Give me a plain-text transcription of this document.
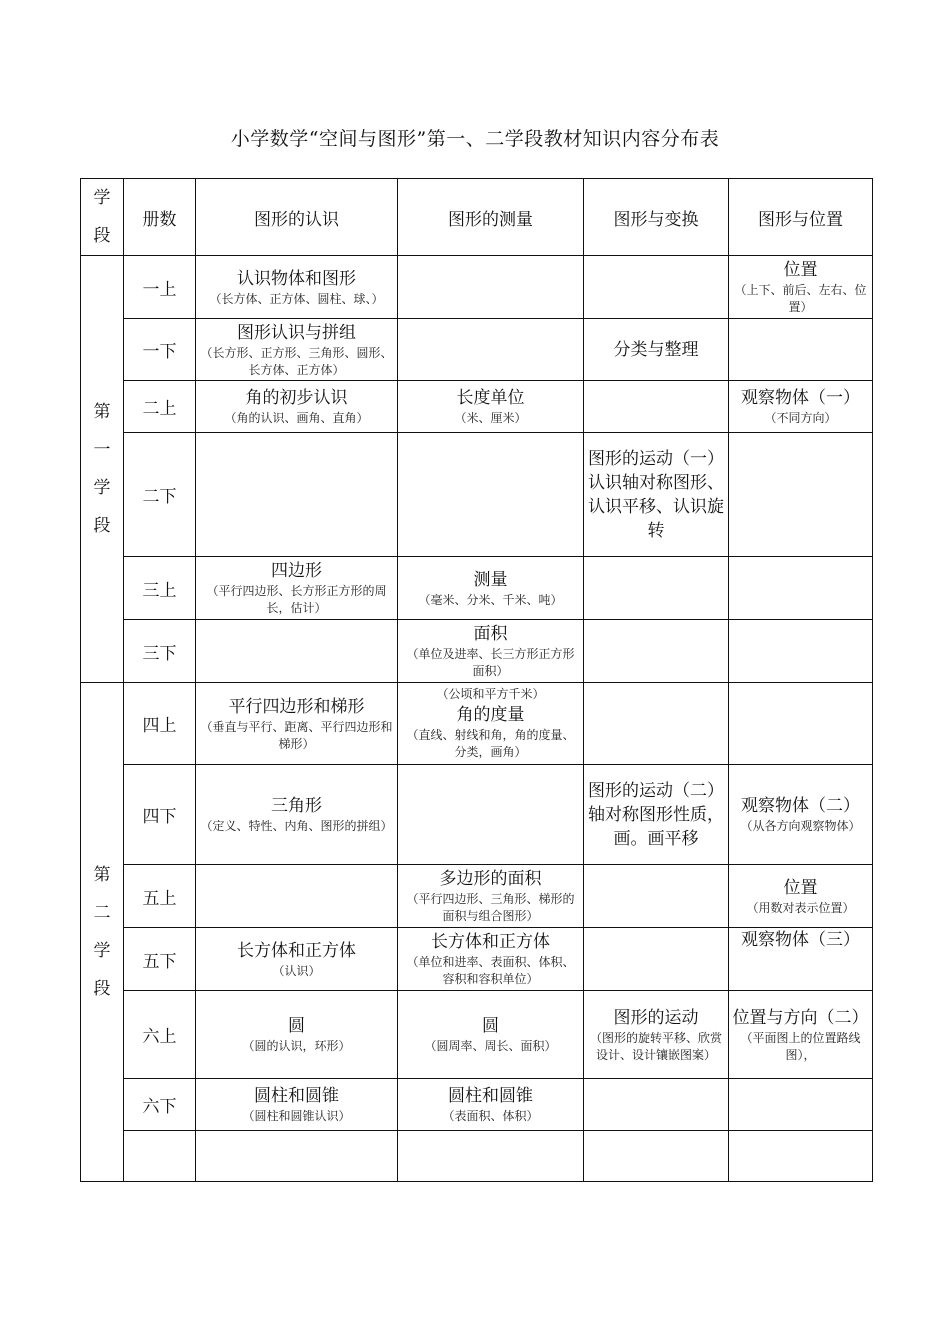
小学数学“空间与图形”第一、二学段教材知识内容分布表
学
段	册数	图形的认识	图形的测量	图形与变换	图形与位置	

第
一
学
段	一上	认识物体和图形
（长方体、正方体、圆柱、球、）			位置
（上下、前后、左右、位置）	

	一下	图形认识与拼组
（长方形、正方形、三角形、圆形、长方体、正方体）		分类与整理		

	二上	角的初步认识
（角的认识、画角、直角）	长度单位
（米、厘米）		观察物体（一）
（不同方向）	

	二下			图形的运动（一）认识轴对称图形、认识平移、认识旋转		

	三上	四边形
（平行四边形、长方形正方形的周长，估计）	测量
（毫米、分米、千米、吨）			

	三下		面积
（单位及进率、长三方形正方形面积）			

第
二
学
段	四上	平行四边形和梯形
（垂直与平行、距离、平行四边形和梯形）	（公顷和平方千米）
角的度量
（直线、射线和角，角的度量、分类，画角）			

	四下	三角形
（定义、特性、内角、图形的拼组）		图形的运动（二）轴对称图形性质，画。画平移	观察物体（二）
（从各方向观察物体）	

	五上		多边形的面积
（平行四边形、三角形、梯形的面积与组合图形）		位置
（用数对表示位置）	

	五下	长方体和正方体
（认识）	长方体和正方体
（单位和进率、表面积、体积、容积和容积单位）		观察物体（三）	

	六上	圆
（圆的认识，环形）	圆
（圆周率、周长、面积）	图形的运动
（图形的旋转平移、欣赏设计、设计镶嵌图案）	位置与方向（二）
（平面图上的位置路线图），	

	六下	圆柱和圆锥
（圆柱和圆锥认识）	圆柱和圆锥
（表面积、体积）			
